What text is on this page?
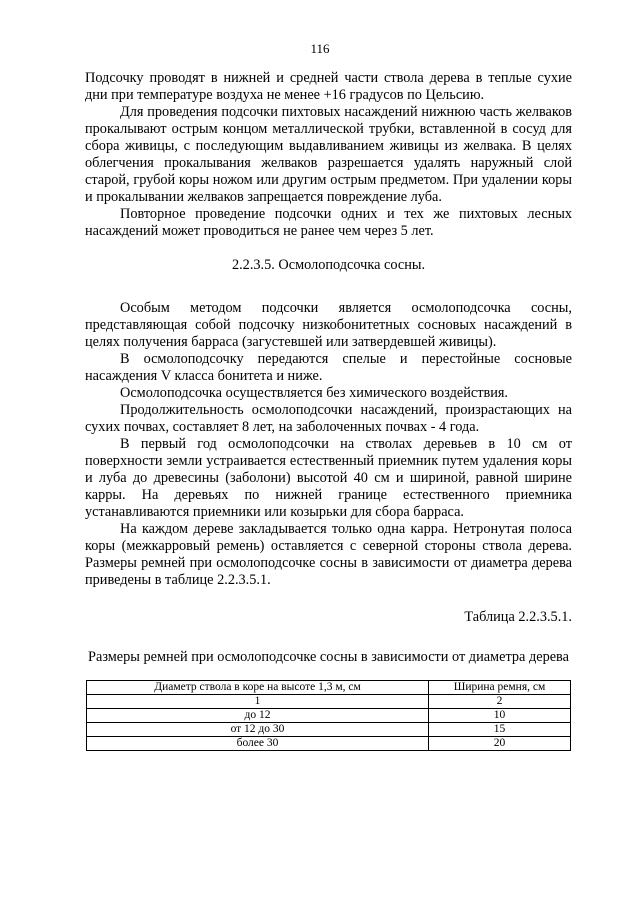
116

Подсочку проводят в нижней и средней части ствола дерева в теплые сухие дни при температуре воздуха не менее +16 градусов по Цельсию.

Для проведения подсочки пихтовых насаждений нижнюю часть желваков прокалывают острым концом металлической трубки, вставленной в сосуд для сбора живицы, с последующим выдавливанием живицы из желвака. В целях облегчения прокалывания желваков разрешается удалять наружный слой старой, грубой коры ножом или другим острым предметом. При удалении коры и прокалывании желваков запрещается повреждение луба.

Повторное проведение подсочки одних и тех же пихтовых лесных насаждений может проводиться не ранее чем через 5 лет.

2.2.3.5. Осмолоподсочка сосны.

Особым методом подсочки является осмолоподсочка сосны, представляющая собой подсочку низкобонитетных сосновых насаждений в целях получения барраса (загустевшей или затвердевшей живицы).

В осмолоподсочку передаются спелые и перестойные сосновые насаждения V класса бонитета и ниже.

Осмолоподсочка осуществляется без химического воздействия.

Продолжительность осмолоподсочки насаждений, произрастающих на сухих почвах, составляет 8 лет, на заболоченных почвах - 4 года.

В первый год осмолоподсочки на стволах деревьев в 10 см от поверхности земли устраивается естественный приемник путем удаления коры и луба до древесины (заболони) высотой 40 см и шириной, равной ширине карры. На деревьях по нижней границе естественного приемника устанавливаются приемники или козырьки для сбора барраса.

На каждом дереве закладывается только одна карра. Нетронутая полоса коры (межкарровый ремень) оставляется с северной стороны ствола дерева. Размеры ремней при осмолоподсочке сосны в зависимости от диаметра дерева приведены в таблице 2.2.3.5.1.

Таблица 2.2.3.5.1.
Размеры ремней при осмолоподсочке сосны в зависимости от диаметра дерева
Диаметр ствола в коре на высоте 1,3 м, см	Ширина ремня, см
1	2
до 12	10
от 12 до 30	15
более 30	20
